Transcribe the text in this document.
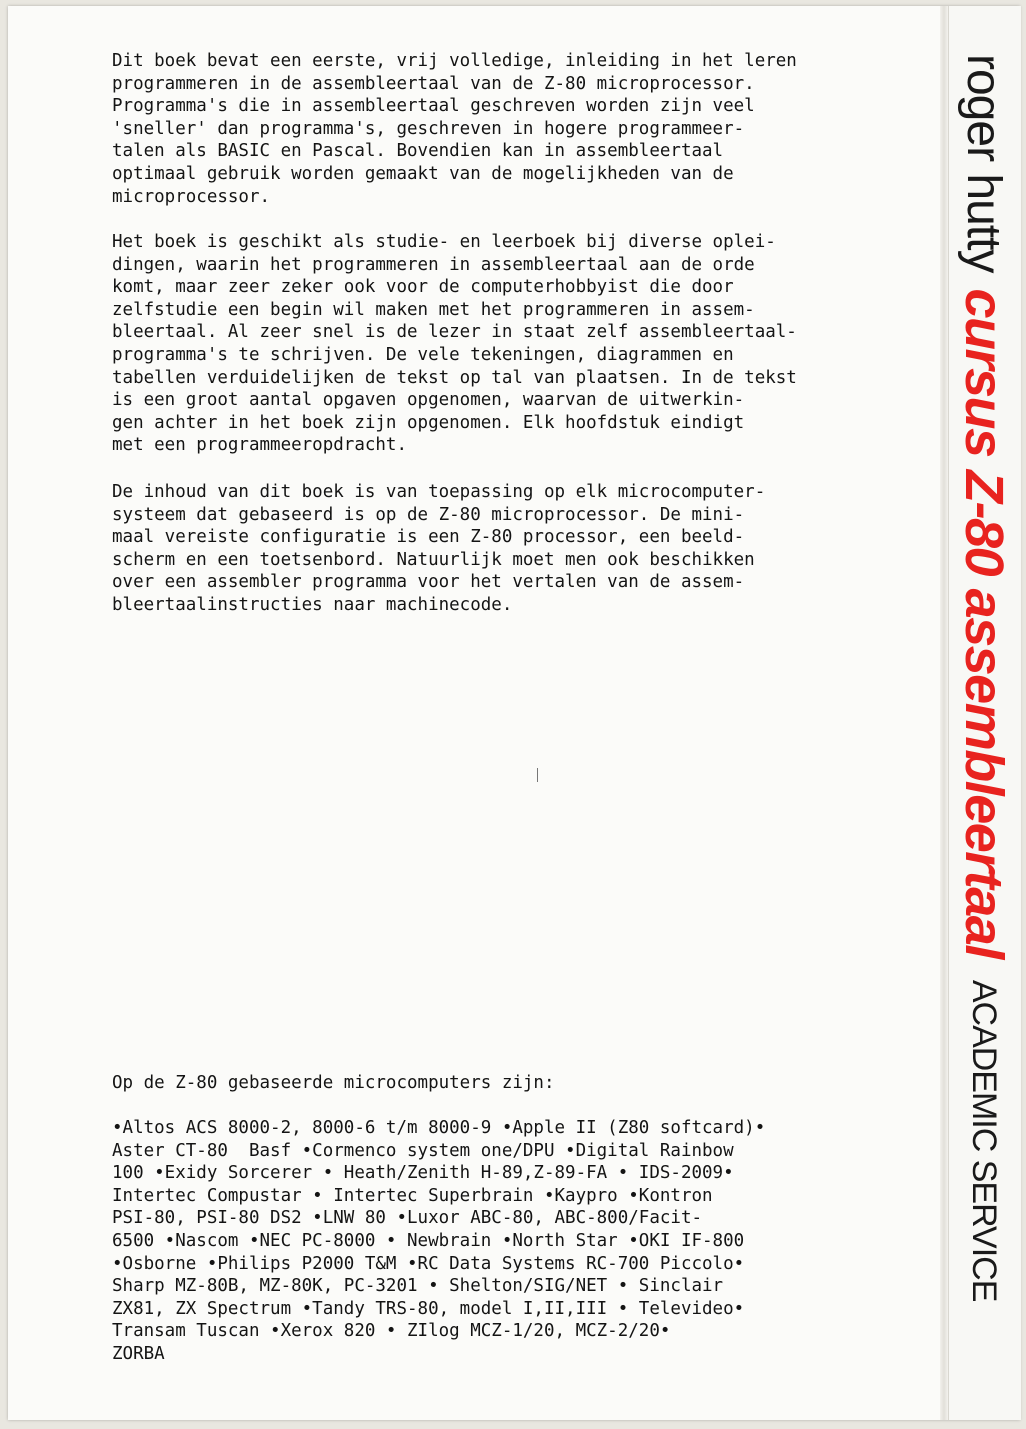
Dit boek bevat een eerste, vrij volledige, inleiding in het leren
programmeren in de assembleertaal van de Z-80 microprocessor.
Programma's die in assembleertaal geschreven worden zijn veel
'sneller' dan programma's, geschreven in hogere programmeer-
talen als BASIC en Pascal. Bovendien kan in assembleertaal
optimaal gebruik worden gemaakt van de mogelijkheden van de
microprocessor.

Het boek is geschikt als studie- en leerboek bij diverse oplei-
dingen, waarin het programmeren in assembleertaal aan de orde
komt, maar zeer zeker ook voor de computerhobbyist die door
zelfstudie een begin wil maken met het programmeren in assem-
bleertaal. Al zeer snel is de lezer in staat zelf assembleertaal-
programma's te schrijven. De vele tekeningen, diagrammen en
tabellen verduidelijken de tekst op tal van plaatsen. In de tekst
is een groot aantal opgaven opgenomen, waarvan de uitwerkin-
gen achter in het boek zijn opgenomen. Elk hoofdstuk eindigt
met een programmeeropdracht.

De inhoud van dit boek is van toepassing op elk microcomputer-
systeem dat gebaseerd is op de Z-80 microprocessor. De mini-
maal vereiste configuratie is een Z-80 processor, een beeld-
scherm en een toetsenbord. Natuurlijk moet men ook beschikken
over een assembler programma voor het vertalen van de assem-
bleertaalinstructies naar machinecode.

Op de Z-80 gebaseerde microcomputers zijn:

•Altos ACS 8000-2, 8000-6 t/m 8000-9 •Apple II (Z80 softcard)•
Aster CT-80  Basf •Cormenco system one/DPU •Digital Rainbow
100 •Exidy Sorcerer • Heath/Zenith H-89,Z-89-FA • IDS-2009•
Intertec Compustar • Intertec Superbrain •Kaypro •Kontron
PSI-80, PSI-80 DS2 •LNW 80 •Luxor ABC-80, ABC-800/Facit-
6500 •Nascom •NEC PC-8000 • Newbrain •North Star •OKI IF-800
•Osborne •Philips P2000 T&M •RC Data Systems RC-700 Piccolo•
Sharp MZ-80B, MZ-80K, PC-3201 • Shelton/SIG/NET • Sinclair
ZX81, ZX Spectrum •Tandy TRS-80, model I,II,III • Televideo•
Transam Tuscan •Xerox 820 • ZIlog MCZ-1/20, MCZ-2/20•
ZORBA

roger hutty
cursus Z-80 assembleertaal
ACADEMIC SERVICE
